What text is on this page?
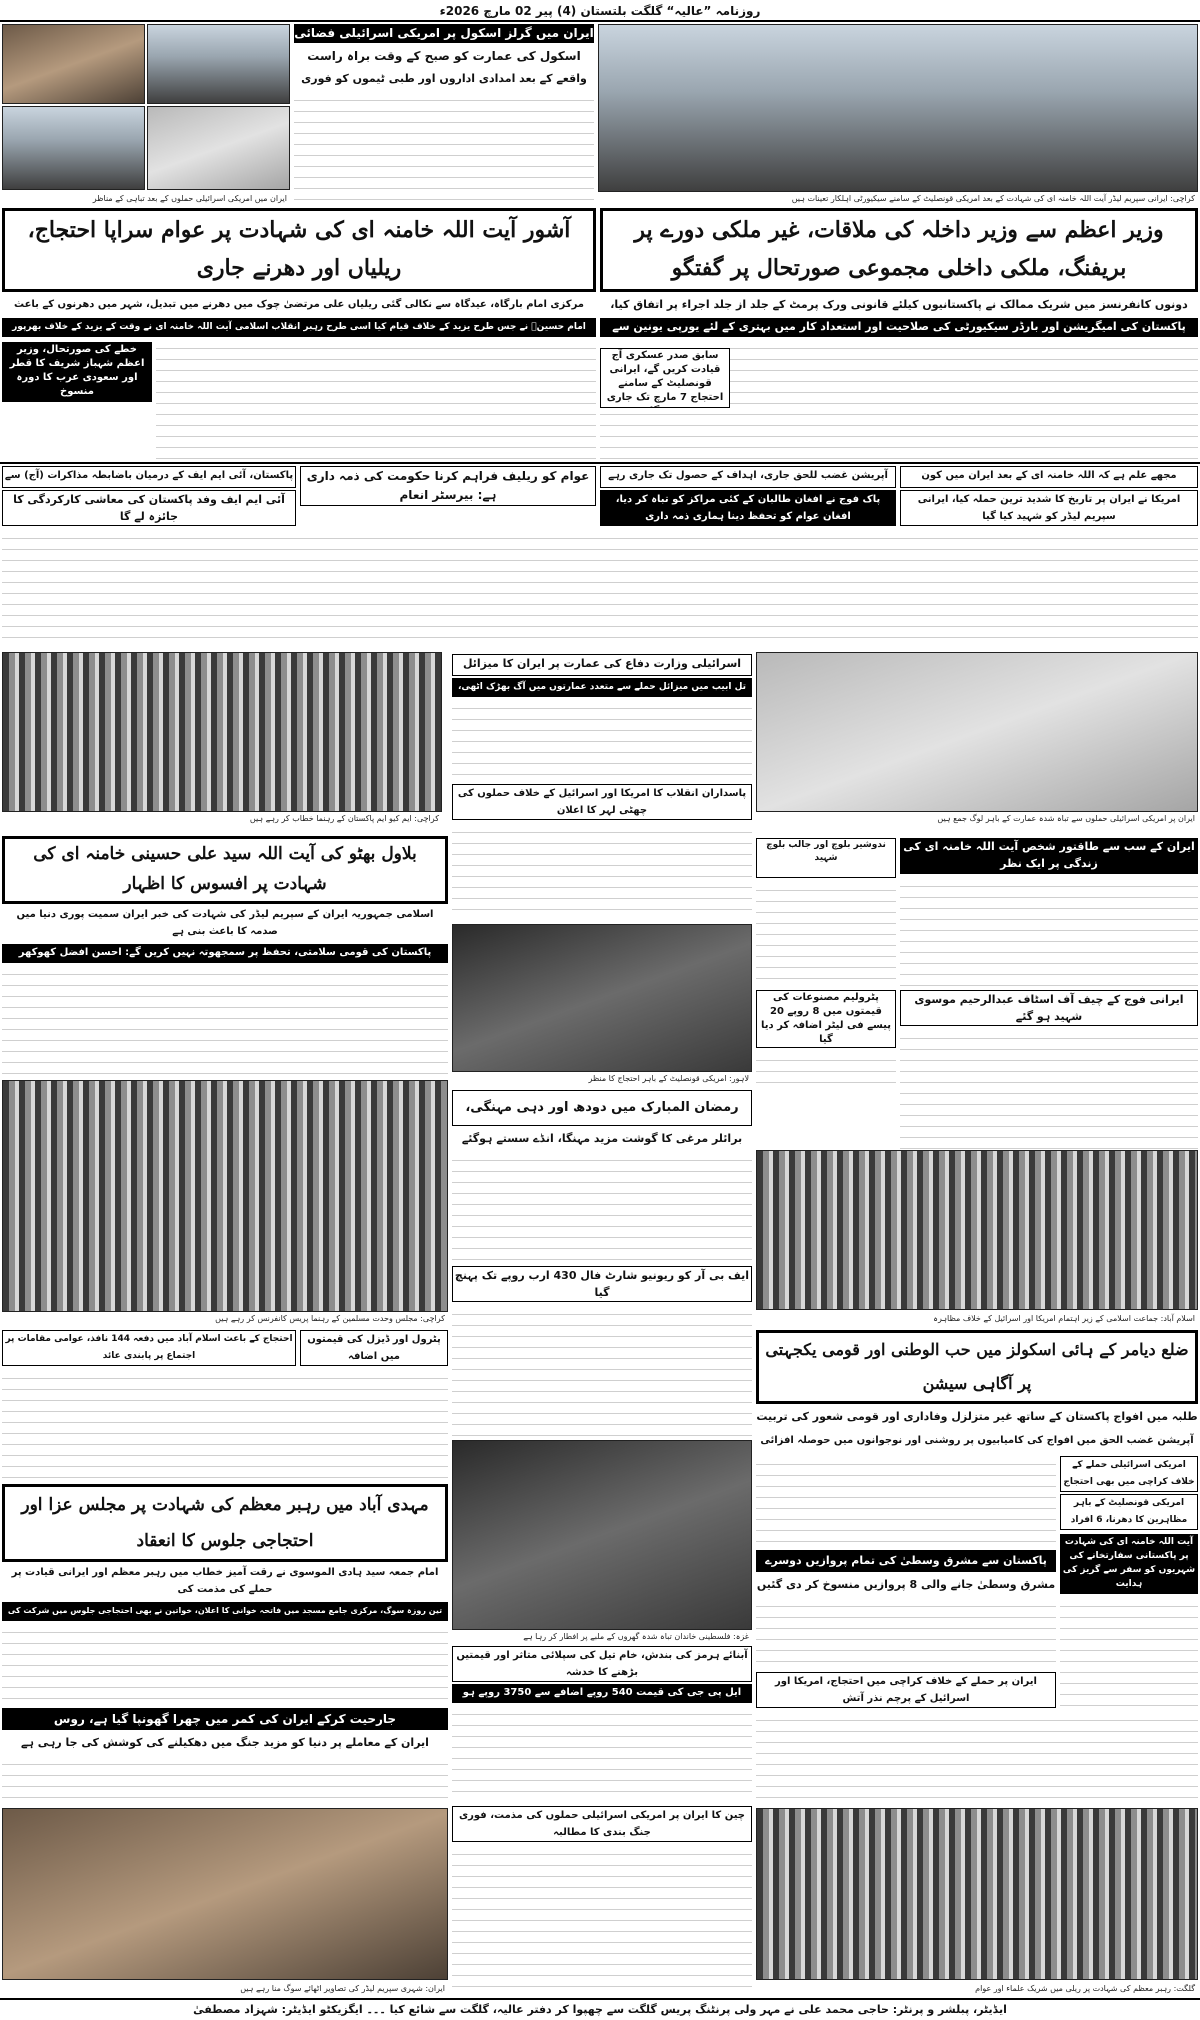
روزنامہ ”عالیہ“ گلگت بلتستان (4) پیر 02 مارچ 2026ء
ایران میں امریکی اسرائیلی حملوں کے بعد تباہی کے مناظر
ایران میں گرلز اسکول پر امریکی اسرائیلی فضائی
اسکول کی عمارت کو صبح کے وقت براہ راست
واقعے کے بعد امدادی اداروں اور طبی ٹیموں کو فوری
کراچی: ایرانی سپریم لیڈر آیت اللہ خامنہ ای کی شہادت کے بعد امریکی قونصلیٹ کے سامنے سیکیورٹی اہلکار تعینات ہیں
وزیر اعظم سے وزیر داخلہ کی ملاقات، غیر ملکی دورے پر بریفنگ، ملکی داخلی مجموعی صورتحال پر گفتگو
آشور آیت اللہ خامنہ ای کی شہادت پر عوام سراپا احتجاج، ریلیاں اور دھرنے جاری
دونوں کانفرنسز میں شریک ممالک نے پاکستانیوں کیلئے قانونی ورک پرمٹ کے جلد از جلد اجراء پر اتفاق کیا،
مرکزی امام بارگاہ، عیدگاہ سے نکالی گئی ریلیاں علی مرتضیٰ چوک میں دھرنے میں تبدیل، شہر میں دھرنوں کے باعث
پاکستان کی امیگریشن اور بارڈر سیکیورٹی کی صلاحیت اور استعداد کار میں بہتری کے لئے یورپی یونین سے
امام حسینؑ نے جس طرح یزید کے خلاف قیام کیا اسی طرح رہبر انقلاب اسلامی آیت اللہ خامنہ ای نے وقت کے یزید کے خلاف بھرپور
سابق صدر عسکری آج قیادت کریں گے، ایرانی قونصلیٹ کے سامنے احتجاج 7 مارچ تک جاری
خطے کی صورتحال، وزیر اعظم شہباز شریف کا قطر اور سعودی عرب کا دورہ منسوخ
مجھے علم ہے کہ اللہ خامنہ ای کے بعد ایران میں کون
امریکا نے ایران پر تاریخ کا شدید ترین حملہ کیا، ایرانی سپریم لیڈر کو شہید کیا گیا
آپریشن غضب للحق جاری، اہداف کے حصول تک جاری رہے
پاک فوج نے افغان طالبان کے کئی مراکز کو تباہ کر دیا، افغان عوام کو تحفظ دینا ہماری ذمہ داری
عوام کو ریلیف فراہم کرنا حکومت کی ذمہ داری ہے: بیرسٹر انعام
پاکستان، آئی ایم ایف کے درمیان باضابطہ مذاکرات (آج) سے
آئی ایم ایف وفد پاکستان کی معاشی کارکردگی کا جائزہ لے گا
کراچی: ایم کیو ایم پاکستان کے رہنما خطاب کر رہے ہیں
اسرائیلی وزارت دفاع کی عمارت پر ایران کا میزائل
تل ابیب میں میزائل حملے سے متعدد عمارتوں میں آگ بھڑک اٹھی،
پاسداران انقلاب کا امریکا اور اسرائیل کے خلاف حملوں کی چھٹی لہر کا اعلان
ایران پر امریکی اسرائیلی حملوں سے تباہ شدہ عمارت کے باہر لوگ جمع ہیں
بلاول بھٹو کی آیت اللہ سید علی حسینی خامنہ ای کی شہادت پر افسوس کا اظہار
اسلامی جمہوریہ ایران کے سپریم لیڈر کی شہادت کی خبر ایران سمیت پوری دنیا میں صدمہ کا باعث بنی ہے
پاکستان کی قومی سلامتی، تحفظ پر سمجھوتہ نہیں کریں گے: احسن افضل کھوکھر
لاہور: امریکی قونصلیٹ کے باہر احتجاج کا منظر
ندوشیر بلوچ اور جالب بلوچ شہید
پٹرولیم مصنوعات کی قیمتوں میں 8 روپے 20 پیسے فی لیٹر اضافہ کر دیا گیا
ایران کے سب سے طاقتور شخص آیت اللہ خامنہ ای کی زندگی پر ایک نظر
ایرانی فوج کے چیف آف اسٹاف عبدالرحیم موسوی شہید ہو گئے
کراچی: مجلس وحدت مسلمین کے رہنما پریس کانفرنس کر رہے ہیں
رمضان المبارک میں دودھ اور دہی مہنگی،
برائلر مرغی کا گوشت مزید مہنگا، انڈے سستے ہوگئے
ایف بی آر کو ریونیو شارٹ فال 430 ارب روپے تک پہنچ گیا
اسلام آباد: جماعت اسلامی کے زیر اہتمام امریکا اور اسرائیل کے خلاف مظاہرہ
احتجاج کے باعث اسلام آباد میں دفعہ 144 نافذ، عوامی مقامات پر اجتماع پر پابندی عائد
پٹرول اور ڈیزل کی قیمتوں میں اضافہ
غزہ: فلسطینی خاندان تباہ شدہ گھروں کے ملبے پر افطار کر رہا ہے
ضلع دیامر کے ہائی اسکولز میں حب الوطنی اور قومی یکجہتی پر آگاہی سیشن
طلبہ میں افواج پاکستان کے ساتھ غیر متزلزل وفاداری اور قومی شعور کی تربیت
آپریشن غضب الحق میں افواج کی کامیابیوں پر روشنی اور نوجوانوں میں حوصلہ افزائی
مہدی آباد میں رہبر معظم کی شہادت پر مجلس عزا اور احتجاجی جلوس کا انعقاد
امام جمعہ سید ہادی الموسوی نے رقت آمیز خطاب میں رہبر معظم اور ایرانی قیادت پر حملے کی مذمت کی
تین روزہ سوگ، مرکزی جامع مسجد میں فاتحہ خوانی کا اعلان، خواتین نے بھی احتجاجی جلوس میں شرکت کی
امریکی اسرائیلی حملے کے خلاف کراچی میں بھی احتجاج
امریکی قونصلیٹ کے باہر مظاہرین کا دھرنا، 6 افراد
پاکستان سے مشرق وسطیٰ کی تمام پروازیں دوسرے
مشرق وسطیٰ جانے والی 8 پروازیں منسوخ کر دی گئیں
آیت اللہ خامنہ ای کی شہادت پر پاکستانی سفارتخانے کی شہریوں کو سفر سے گریز کی ہدایت
جارحیت کرکے ایران کی کمر میں چھرا گھونپا گیا ہے، روس
ایران کے معاملے پر دنیا کو مزید جنگ میں دھکیلنے کی کوشش کی جا رہی ہے
آبنائے ہرمز کی بندش، خام تیل کی سپلائی متاثر اور قیمتیں بڑھنے کا خدشہ
ایل پی جی کی قیمت 540 روپے اضافے سے 3750 روپے ہو
ایران پر حملے کے خلاف کراچی میں احتجاج، امریکا اور اسرائیل کے پرچم نذر آتش
ایران: شہری سپریم لیڈر کی تصاویر اٹھائے سوگ منا رہے ہیں
چین کا ایران پر امریکی اسرائیلی حملوں کی مذمت، فوری جنگ بندی کا مطالبہ
گلگت: رہبر معظم کی شہادت پر ریلی میں شریک علماء اور عوام
ایڈیٹر، پبلشر و پرنٹر: حاجی محمد علی نے مہر ولی پرنٹنگ پریس گلگت سے چھپوا کر دفتر عالیہ، گلگت سے شائع کیا ۔۔۔ ایگزیکٹو ایڈیٹر: شہزاد مصطفیٰ
